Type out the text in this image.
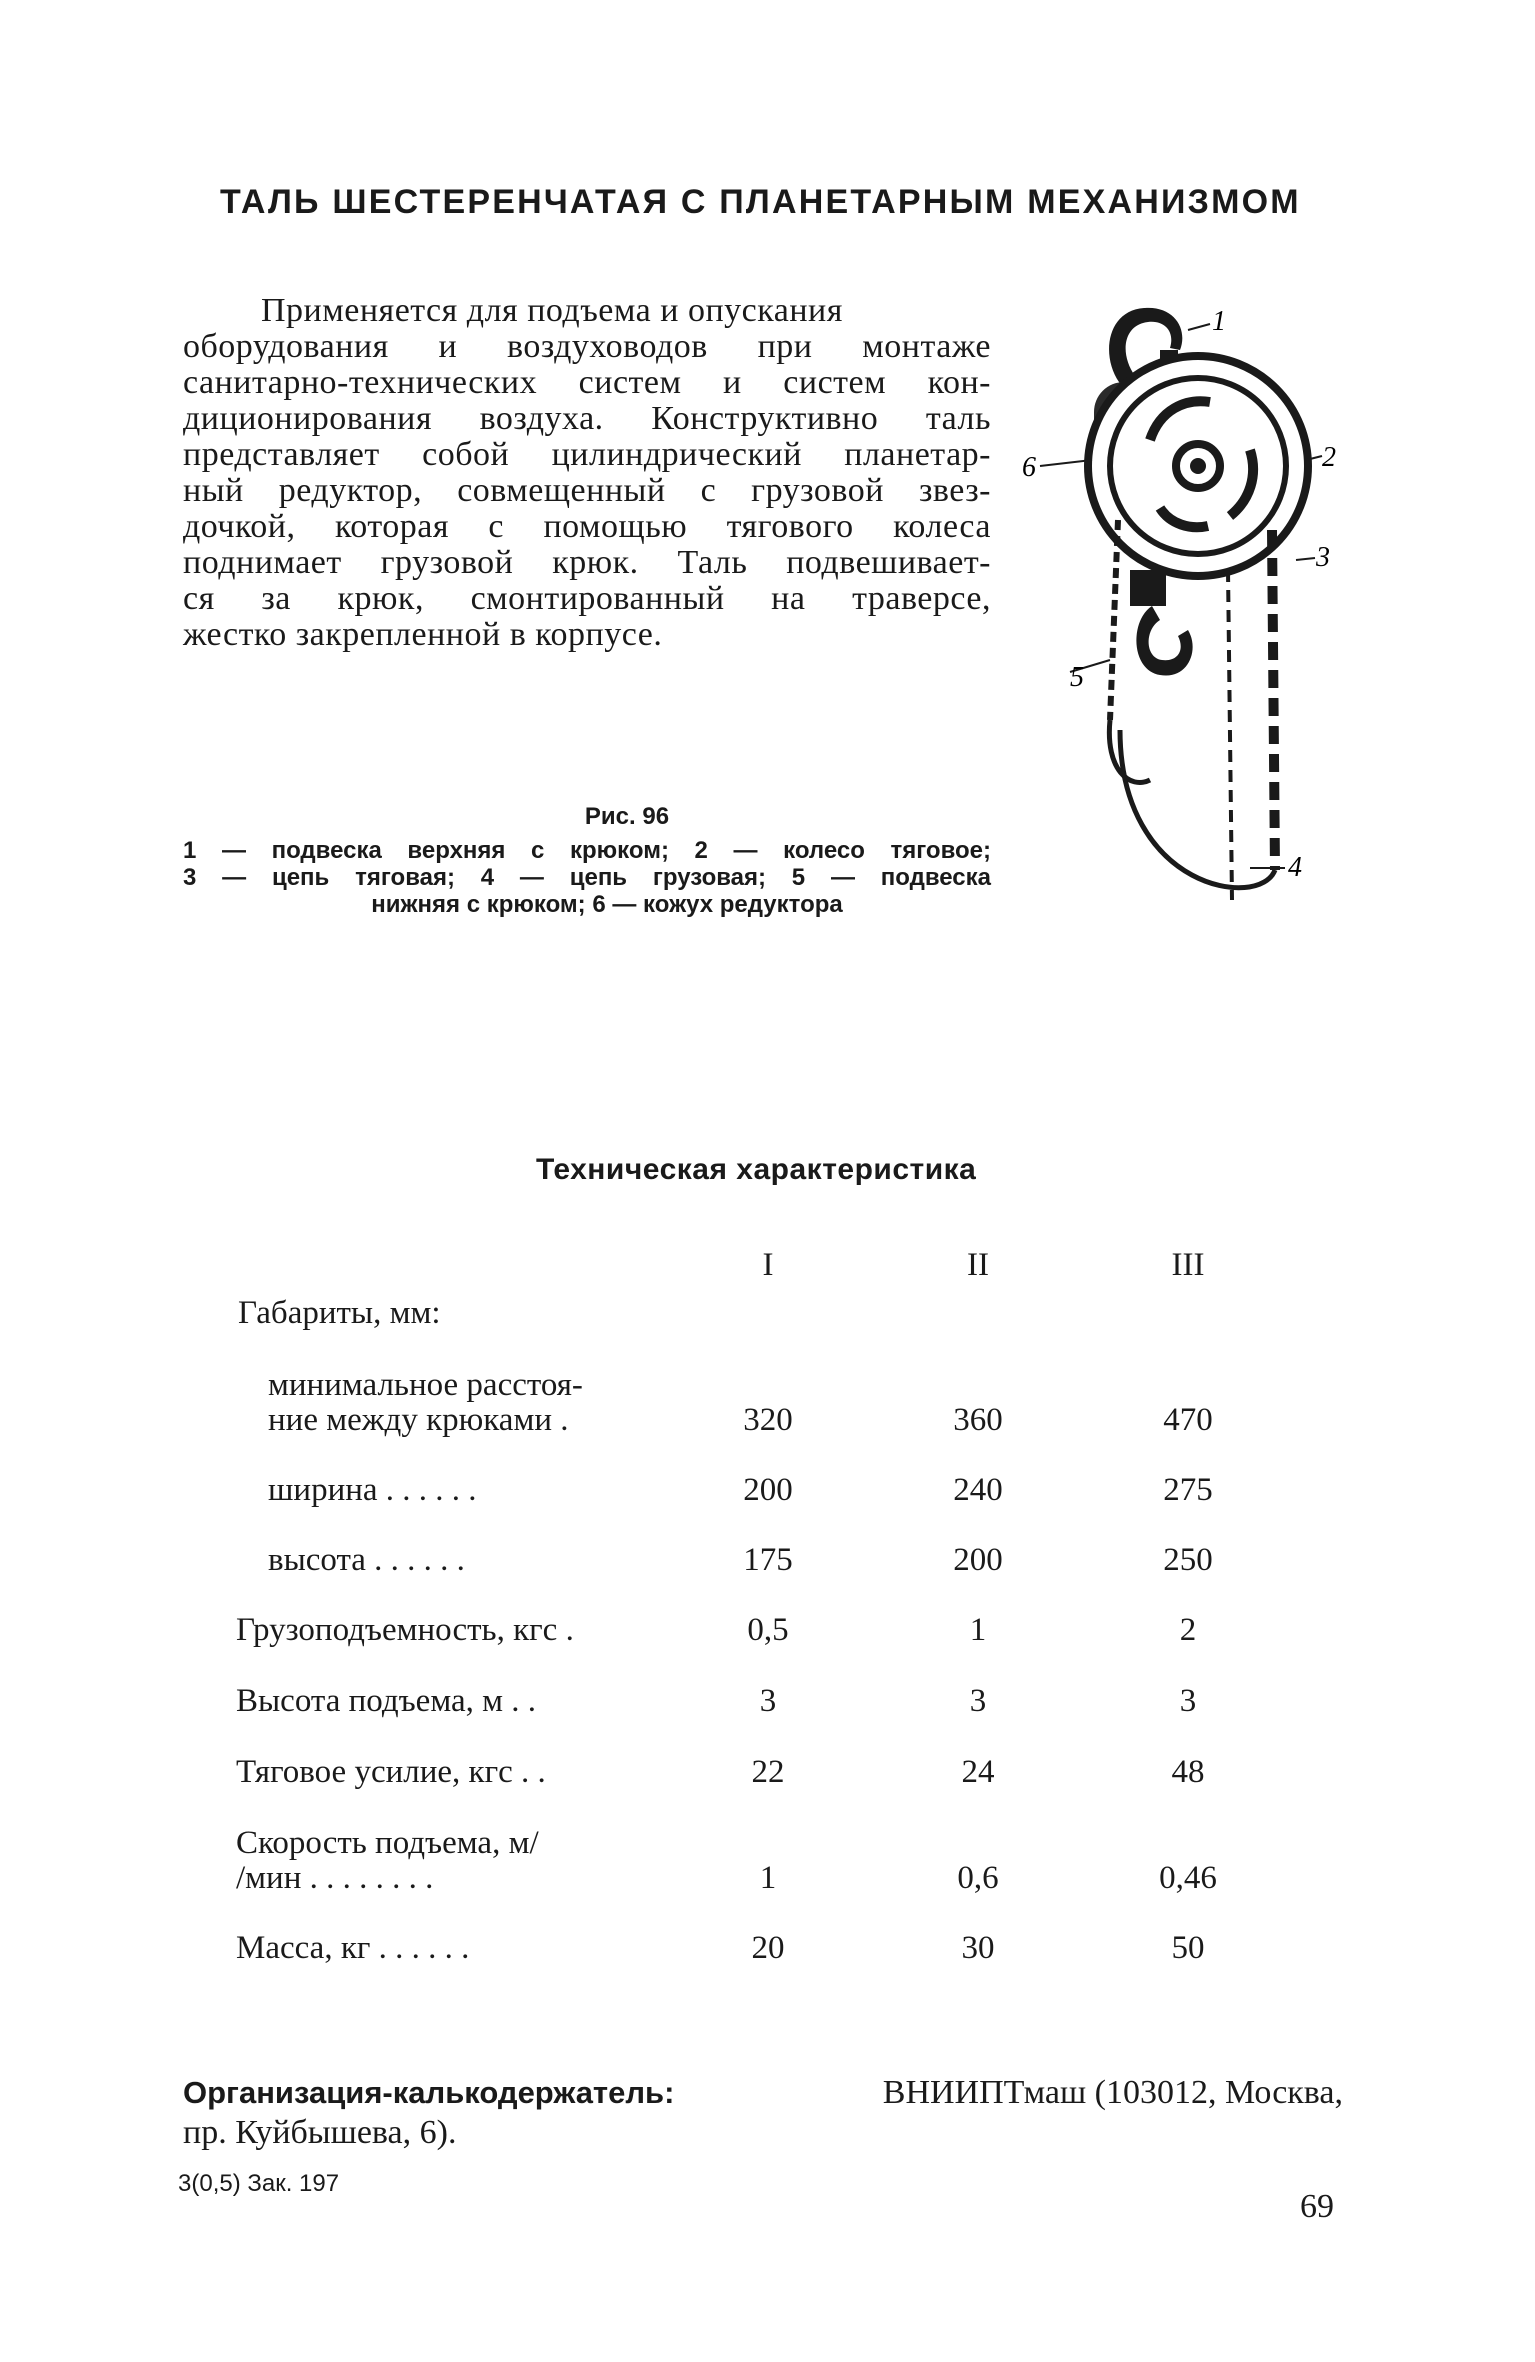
ТАЛЬ ШЕСТЕРЕНЧАТАЯ С ПЛАНЕТАРНЫМ МЕХАНИЗМОМ
Применяется для подъема и опускания
оборудования и воздуховодов при монтаже
санитарно-технических систем и систем кон-
диционирования воздуха. Конструктивно таль
представляет собой цилиндрический планетар-
ный редуктор, совмещенный с грузовой звез-
дочкой, которая с помощью тягового колеса
поднимает грузовой крюк. Таль подвешивает-
ся за крюк, смонтированный на траверсе,
жестко закрепленной в корпусе.
1
2
3
4
5
6
Рис. 96
1 — подвеска верхняя с крюком; 2 — колесо тяговое;
3 — цепь тяговая; 4 — цепь грузовая; 5 — подвеска
нижняя с крюком; 6 — кожух редуктора
Техническая характеристика
I	II	III
Габариты, мм:
минимальное расстоя-
ние между крюками .	320	360	470
ширина . . . . . .	200	240	275
высота . . . . . .	175	200	250
Грузоподъемность, кгс .	0,5	1	2
Высота подъема, м . .	3	3	3
Тяговое усилие, кгс . .	22	24	48
Скорость подъема, м/
/мин . . . . . . . .	1	0,6	0,46
Масса, кг . . . . . .	20	30	50
Организация-калькодержатель:	ВНИИПТмаш (103012, Москва,
пр. Куйбышева, 6).
3(0,5) Зак. 197
69
